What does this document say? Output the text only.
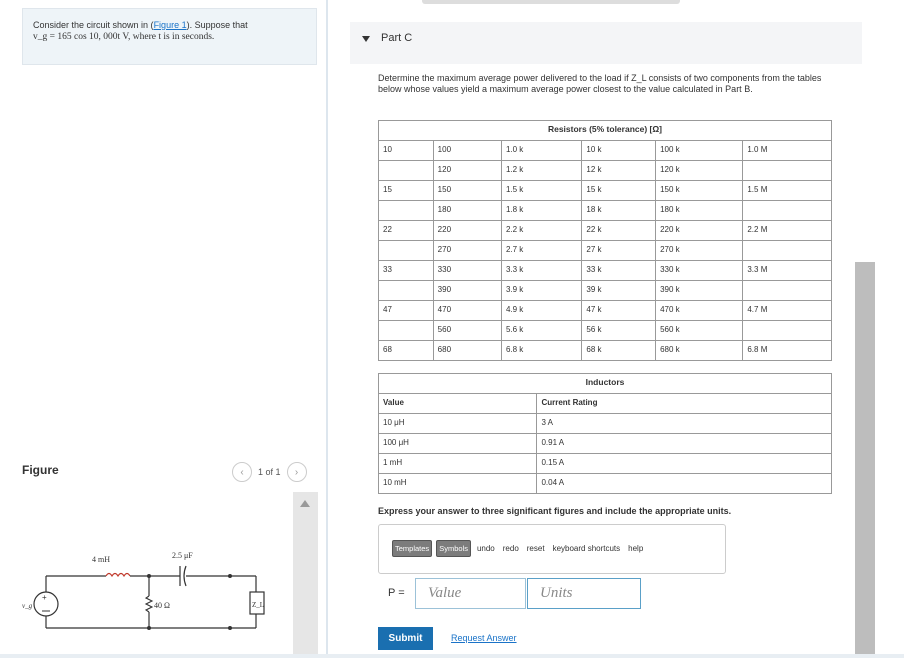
Consider the circuit shown in (Figure 1). Suppose that
v_g = 165 cos 10, 000t V, where t is in seconds.
Figure	‹ 1 of 1 ›
+
4 mH	2.5 μF
40 Ω	Z_L
v_g
Part C
Determine the maximum average power delivered to the load if Z_L consists of two components from the tables below whose values yield a maximum average power closest to the value calculated in Part B.
Resistors (5% tolerance) [Ω]					
10	100	1.0 k	10 k	100 k	1.0 M
	120	1.2 k	12 k	120 k	
15	150	1.5 k	15 k	150 k	1.5 M
	180	1.8 k	18 k	180 k	
22	220	2.2 k	22 k	220 k	2.2 M
	270	2.7 k	27 k	270 k	
33	330	3.3 k	33 k	330 k	3.3 M
	390	3.9 k	39 k	390 k	
47	470	4.9 k	47 k	470 k	4.7 M
	560	5.6 k	56 k	560 k	
68	680	6.8 k	68 k	680 k	6.8 M
Inductors	
Value	Current Rating
10 μH	3 A
100 μH	0.91 A
1 mH	0.15 A
10 mH	0.04 A
Express your answer to three significant figures and include the appropriate units.
Templates	Symbols	undo redo reset keyboard shortcuts help
P =	Value	Units
Submit	Request Answer
